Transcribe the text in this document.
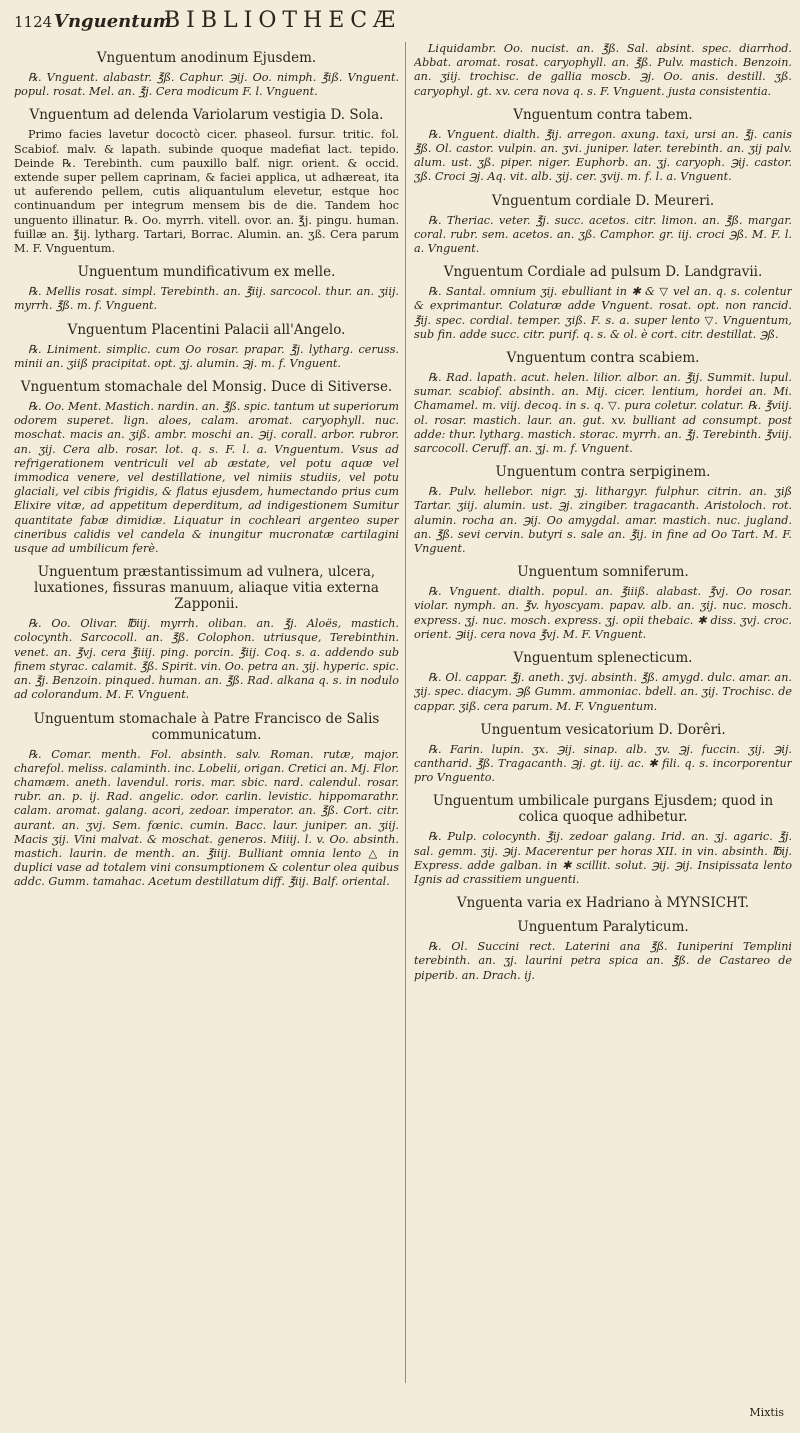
1124 Vnguentum
BIBLIOTHECÆ
Vnguentum anodinum Ejusdem.

℞. Vnguent. alabastr. ℥ß. Caphur. ℈ij. Oo. nimph. ℥iß. Vnguent. popul. rosat. Mel. an. ℥j. Cera modicum F. l. Vnguent.

Vnguentum ad delenda Variolarum vestigia D. Sola.

Primo facies lavetur dococtò cicer. phaseol. fursur. tritic. fol. Scabiof. malv. & lapath. subinde quoque madefiat lact. tepido. Deinde ℞. Terebinth. cum pauxillo balf. nigr. orient. & occid. extende super pellem caprinam, & faciei applica, ut adhæreat, ita ut auferendo pellem, cutis aliquantulum elevetur, estque hoc continuandum per integrum mensem bis de die. Tandem hoc unguento illinatur. ℞. Oo. myrrh. vitell. ovor. an. ℥j. pingu. human. fuillæ an. ℥ij. lytharg. Tartari, Borrac. Alumin. an. ʒß. Cera parum M. F. Vnguentum.

Unguentum mundificativum ex melle.

℞. Mellis rosat. simpl. Terebinth. an. ℥iij. sarcocol. thur. an. ʒiij. myrrh. ℥ß. m. f. Vnguent.

Vnguentum Placentini Palacii all'Angelo.

℞. Liniment. simplic. cum Oo rosar. prapar. ℥j. lytharg. ceruss. minii an. ʒiiß pracipitat. opt. ʒj. alumin. ℈j. m. f. Vnguent.

Vnguentum stomachale del Monsig. Duce di Sitiverse.

℞. Oo. Ment. Mastich. nardin. an. ℥ß. spic. tantum ut superiorum odorem superet. lign. aloes, calam. aromat. caryophyll. nuc. moschat. macis an. ʒiß. ambr. moschi an. ℈ij. corall. arbor. rubror. an. ʒij. Cera alb. rosar. lot. q. s. F. l. a. Vnguentum. Vsus ad refrigerationem ventriculi vel ab æstate, vel potu aquæ vel immodica venere, vel destillatione, vel nimiis studiis, vel potu glaciali, vel cibis frigidis, & flatus ejusdem, humectando prius cum Elixire vitæ, ad appetitum deperditum, ad indigestionem Sumitur quantitate fabæ dimidiæ. Liquatur in cochleari argenteo super cineribus calidis vel candela & inungitur mucronatæ cartilagini usque ad umbilicum ferè.

Unguentum præstantissimum ad vulnera, ulcera, luxationes, fissuras manuum, aliaque vitia externa Zapponii.

℞. Oo. Olivar. ℔iij. myrrh. oliban. an. ℥j. Aloës, mastich. colocynth. Sarcocoll. an. ℥ß. Colophon. utriusque, Terebinthin. venet. an. ℥vj. cera ℥iiij. ping. porcin. ℥iij. Coq. s. a. addendo sub finem styrac. calamit. ℥ß. Spirit. vin. Oo. petra an. ʒij. hyperic. spic. an. ℥j. Benzoin. pinqued. human. an. ℥ß. Rad. alkana q. s. in nodulo ad colorandum. M. F. Vnguent.

Unguentum stomachale à Patre Francisco de Salis communicatum.

℞. Comar. menth. Fol. absinth. salv. Roman. rutæ, major. charefol. meliss. calaminth. inc. Lobelii, origan. Cretici an. Mj. Flor. chamæm. aneth. lavendul. roris. mar. sbic. nard. calendul. rosar. rubr. an. p. ij. Rad. angelic. odor. carlin. levistic. hippomarathr. calam. aromat. galang. acori, zedoar. imperator. an. ℥ß. Cort. citr. aurant. an. ʒvj. Sem. fœnic. cumin. Bacc. laur. juniper. an. ʒiij. Macis ʒij. Vini malvat. & moschat. generos. Miiij. l. v. Oo. absinth. mastich. laurin. de menth. an. ℥iiij. Bulliant omnia lento △ in duplici vase ad totalem vini consumptionem & colentur olea quibus addc. Gumm. tamahac. Acetum destillatum diff. ℥iij. Balf. oriental.

Liquidambr. Oo. nucist. an. ℥ß. Sal. absint. spec. diarrhod. Abbat. aromat. rosat. caryophyll. an. ℥ß. Pulv. mastich. Benzoin. an. ʒiij. trochisc. de gallia moscb. ℈j. Oo. anis. destill. ʒß. caryophyl. gt. xv. cera nova q. s. F. Vnguent. justa consistentia.

Vnguentum contra tabem.

℞. Vnguent. dialth. ℥ij. arregon. axung. taxi, ursi an. ℥j. canis ℥ß. Ol. castor. vulpin. an. ʒvi. juniper. later. terebinth. an. ʒij palv. alum. ust. ʒß. piper. niger. Euphorb. an. ʒj. caryoph. ℈ij. castor. ʒß. Croci ℈j. Aq. vit. alb. ʒij. cer. ʒvij. m. f. l. a. Vnguent.

Vnguentum cordiale D. Meureri.

℞. Theriac. veter. ℥j. succ. acetos. citr. limon. an. ℥ß. margar. coral. rubr. sem. acetos. an. ʒß. Camphor. gr. iij. croci ℈ß. M. F. l. a. Vnguent.

Vnguentum Cordiale ad pulsum D. Landgravii.

℞. Santal. omnium ʒij. ebulliant in ✱ & ▽ vel an. q. s. colentur & exprimantur. Colaturæ adde Vnguent. rosat. opt. non rancid. ℥ij. spec. cordial. temper. ʒiß. F. s. a. super lento ▽. Vnguentum, sub fin. adde succ. citr. purif. q. s. & ol. è cort. citr. destillat. ℈ß.

Vnguentum contra scabiem.

℞. Rad. lapath. acut. helen. lilior. albor. an. ℥ij. Summit. lupul. sumar. scabiof. absinth. an. Mij. cicer. lentium, hordei an. Mi. Chamamel. m. viij. decoq. in s. q. ▽. pura coletur. colatur. ℞. ℥viij. ol. rosar. mastich. laur. an. gut. xv. bulliant ad consumpt. post adde: thur. lytharg. mastich. storac. myrrh. an. ℥j. Terebinth. ℥viij. sarcocoll. Ceruff. an. ʒj. m. f. Vnguent.

Unguentum contra serpiginem.

℞. Pulv. hellebor. nigr. ʒj. lithargyr. fulphur. citrin. an. ʒiß Tartar. ʒiij. alumin. ust. ℈j. zingiber. tragacanth. Aristoloch. rot. alumin. rocha an. ℈ij. Oo amygdal. amar. mastich. nuc. jugland. an. ℥ß. sevi cervin. butyri s. sale an. ℥ij. in fine ad Oo Tart. M. F. Vnguent.

Unguentum somniferum.

℞. Vnguent. dialth. popul. an. ℥iiiß. alabast. ℥vj. Oo rosar. violar. nymph. an. ℥v. hyoscyam. papav. alb. an. ʒij. nuc. mosch. express. ʒj. nuc. mosch. express. ʒj. opii thebaic. ✱ diss. ʒvj. croc. orient. ℈iij. cera nova ℥vj. M. F. Vnguent.

Vnguentum splenecticum.

℞. Ol. cappar. ℥j. aneth. ʒvj. absinth. ℥ß. amygd. dulc. amar. an. ʒij. spec. diacym. ℈ß Gumm. ammoniac. bdell. an. ʒij. Trochisc. de cappar. ʒiß. cera parum. M. F. Vnguentum.

Unguentum vesicatorium D. Dorêri.

℞. Farin. lupin. ʒx. ℈ij. sinap. alb. ʒv. ℈j. fuccin. ʒij. ℈ij. cantharid. ℥ß. Tragacanth. ℈j. gt. iij. ac. ✱ fili. q. s. incorporentur pro Vnguento.

Unguentum umbilicale purgans Ejusdem; quod in colica quoque adhibetur.

℞. Pulp. colocynth. ℥ij. zedoar galang. Irid. an. ʒj. agaric. ℥j. sal. gemm. ʒij. ℈ij. Macerentur per horas XII. in vin. absinth. ℔ij. Express. adde galban. in ✱ scillit. solut. ℈ij. ℈ij. Insipissata lento Ignis ad crassitiem unguenti.

Vnguenta varia ex Hadriano à MYNSICHT.
Unguentum Paralyticum.

℞. Ol. Succini rect. Laterini ana ℥ß. Iuniperini Templini terebinth. an. ʒj. laurini petra spica an. ℥ß. de Castareo de piperib. an. Drach. ij.

Mixtis
